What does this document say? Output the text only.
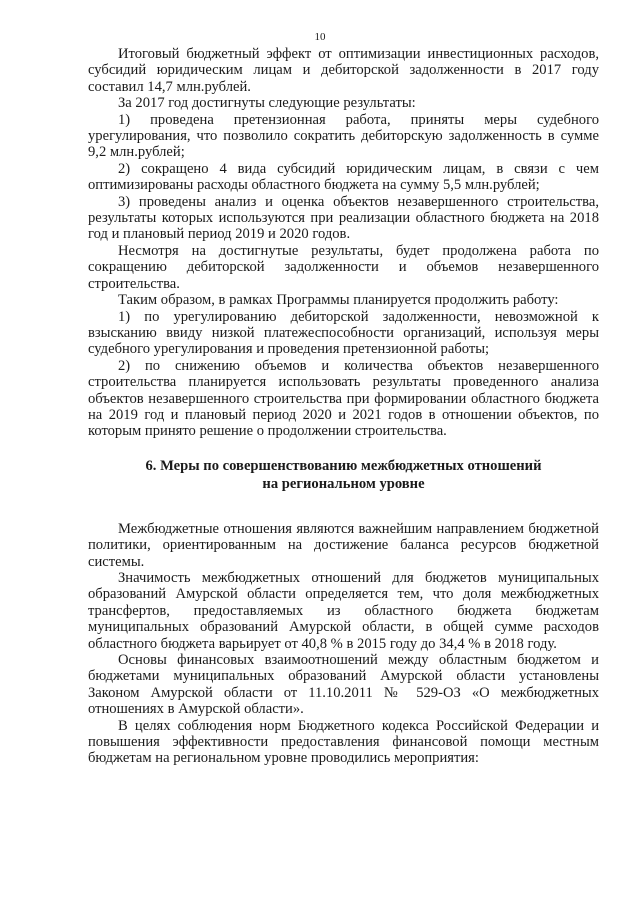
10

Итоговый бюджетный эффект от оптимизации инвестиционных расходов, субсидий юридическим лицам и дебиторской задолженности в 2017 году составил 14,7 млн.рублей.

За 2017 год достигнуты следующие результаты:

1) проведена претензионная работа, приняты меры судебного урегулирования, что позволило сократить дебиторскую задолженность в сумме 9,2 млн.рублей;

2) сокращено 4 вида субсидий юридическим лицам, в связи с чем оптимизированы расходы областного бюджета на сумму 5,5 млн.рублей;

3) проведены анализ и оценка объектов незавершенного строительства, результаты которых используются при реализации областного бюджета на 2018 год и плановый период 2019 и 2020 годов.

Несмотря на достигнутые результаты, будет продолжена работа по сокращению дебиторской задолженности и объемов незавершенного строительства.

Таким образом, в рамках Программы планируется продолжить работу:

1) по урегулированию дебиторской задолженности, невозможной к взысканию ввиду низкой платежеспособности организаций, используя меры судебного урегулирования и проведения претензионной работы;

2) по снижению объемов и количества объектов незавершенного строительства планируется использовать результаты проведенного анализа объектов незавершенного строительства при формировании областного бюджета на 2019 год и плановый период 2020 и 2021 годов в отношении объектов, по которым принято решение о продолжении строительства.

6. Меры по совершенствованию межбюджетных отношений
на региональном уровне

Межбюджетные отношения являются важнейшим направлением бюджетной политики, ориентированным на достижение баланса ресурсов бюджетной системы.

Значимость межбюджетных отношений для бюджетов муниципальных образований Амурской области определяется тем, что доля межбюджетных трансфертов, предоставляемых из областного бюджета бюджетам муниципальных образований Амурской области, в общей сумме расходов областного бюджета варьирует от 40,8 % в 2015 году до 34,4 % в 2018 году.

Основы финансовых взаимоотношений между областным бюджетом и бюджетами муниципальных образований Амурской области установлены Законом Амурской области от 11.10.2011 № 529-ОЗ «О межбюджетных отношениях в Амурской области».

В целях соблюдения норм Бюджетного кодекса Российской Федерации и повышения эффективности предоставления финансовой помощи местным бюджетам на региональном уровне проводились мероприятия:
